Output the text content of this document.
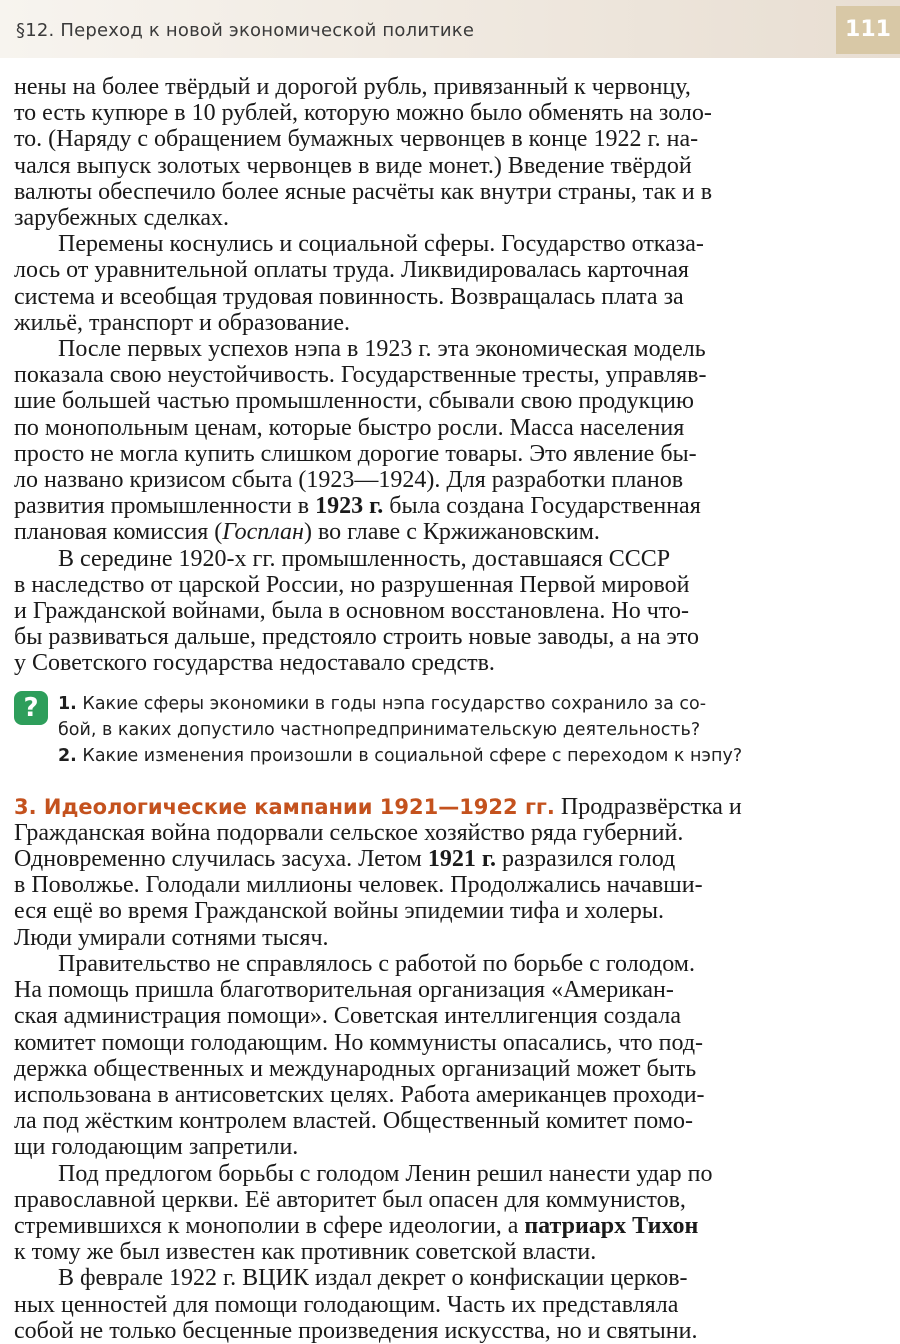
§12. Переход к новой экономической политике	111

нены на более твёрдый и дорогой рубль, привязанный к червонцу,

то есть купюре в 10 рублей, которую можно было обменять на золо-

то. (Наряду с обращением бумажных червонцев в конце 1922 г. на-

чался выпуск золотых червонцев в виде монет.) Введение твёрдой

валюты обеспечило более ясные расчёты как внутри страны, так и в

зарубежных сделках.

Перемены коснулись и социальной сферы. Государство отказа-

лось от уравнительной оплаты труда. Ликвидировалась карточная

система и всеобщая трудовая повинность. Возвращалась плата за

жильё, транспорт и образование.

После первых успехов нэпа в 1923 г. эта экономическая модель

показала свою неустойчивость. Государственные тресты, управляв-

шие большей частью промышленности, сбывали свою продукцию

по монопольным ценам, которые быстро росли. Масса населения

просто не могла купить слишком дорогие товары. Это явление бы-

ло названо кризисом сбыта (1923—1924). Для разработки планов

развития промышленности в 1923 г. была создана Государственная

плановая комиссия (Госплан) во главе с Кржижановским.

В середине 1920-х гг. промышленность, доставшаяся СССР

в наследство от царской России, но разрушенная Первой мировой

и Гражданской войнами, была в основном восстановлена. Но что-

бы развиваться дальше, предстояло строить новые заводы, а на это

у Советского государства недоставало средств.

?	1. Какие сферы экономики в годы нэпа государство сохранило за со-

бой, в каких допустило частнопредпринимательскую деятельность?

2. Какие изменения произошли в социальной сфере с переходом к нэпу?

3. Идеологические кампании 1921—1922 гг. Продразвёрстка и

Гражданская война подорвали сельское хозяйство ряда губерний.

Одновременно случилась засуха. Летом 1921 г. разразился голод

в Поволжье. Голодали миллионы человек. Продолжались начавши-

еся ещё во время Гражданской войны эпидемии тифа и холеры.

Люди умирали сотнями тысяч.

Правительство не справлялось с работой по борьбе с голодом.

На помощь пришла благотворительная организация «Американ-

ская администрация помощи». Советская интеллигенция создала

комитет помощи голодающим. Но коммунисты опасались, что под-

держка общественных и международных организаций может быть

использована в антисоветских целях. Работа американцев проходи-

ла под жёстким контролем властей. Общественный комитет помо-

щи голодающим запретили.

Под предлогом борьбы с голодом Ленин решил нанести удар по

православной церкви. Её авторитет был опасен для коммунистов,

стремившихся к монополии в сфере идеологии, а патриарх Тихон

к тому же был известен как противник советской власти.

В феврале 1922 г. ВЦИК издал декрет о конфискации церков-

ных ценностей для помощи голодающим. Часть их представляла

собой не только бесценные произведения искусства, но и святыни.
